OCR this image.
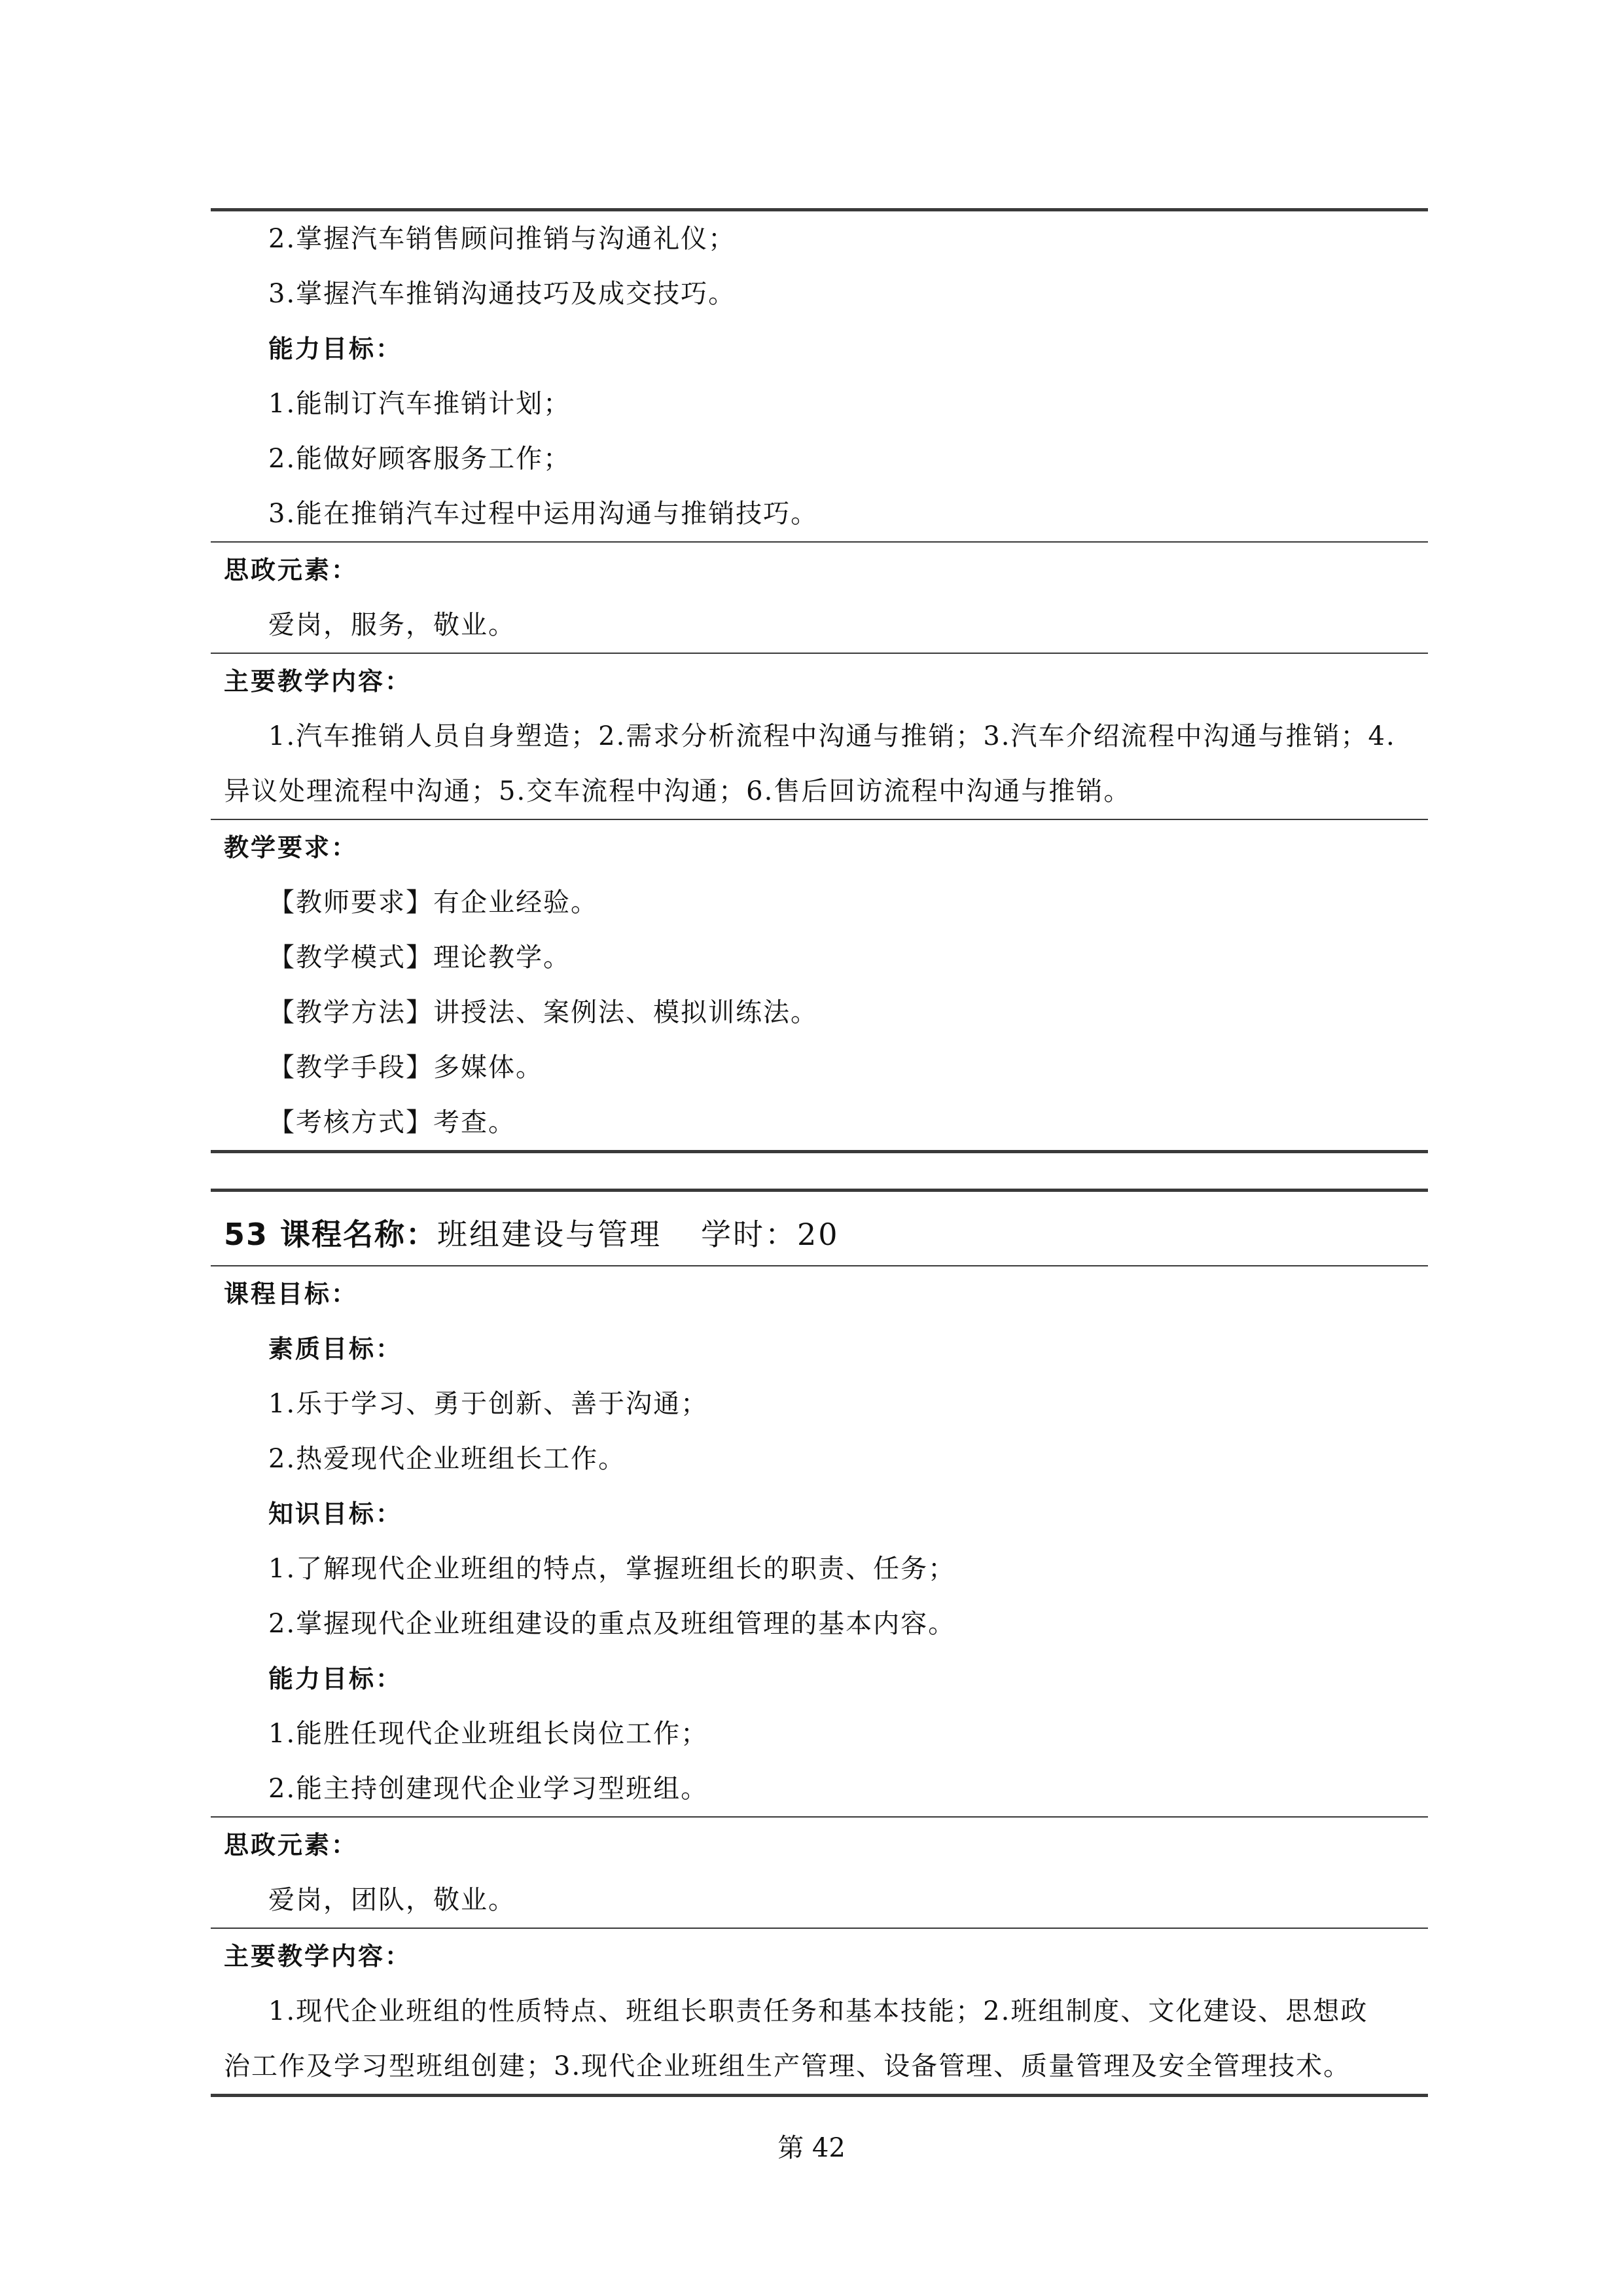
2.掌握汽车销售顾问推销与沟通礼仪；
3.掌握汽车推销沟通技巧及成交技巧。
能力目标：
1.能制订汽车推销计划；
2.能做好顾客服务工作；
3.能在推销汽车过程中运用沟通与推销技巧。
思政元素：
爱岗，服务，敬业。
主要教学内容：
1.汽车推销人员自身塑造；2.需求分析流程中沟通与推销；3.汽车介绍流程中沟通与推销；4.
异议处理流程中沟通；5.交车流程中沟通；6.售后回访流程中沟通与推销。
教学要求：
【教师要求】有企业经验。
【教学模式】理论教学。
【教学方法】讲授法、案例法、模拟训练法。
【教学手段】多媒体。
【考核方式】考查。
53 课程名称：班组建设与管理 学时：20
课程目标：
素质目标：
1.乐于学习、勇于创新、善于沟通；
2.热爱现代企业班组长工作。
知识目标：
1.了解现代企业班组的特点，掌握班组长的职责、任务；
2.掌握现代企业班组建设的重点及班组管理的基本内容。
能力目标：
1.能胜任现代企业班组长岗位工作；
2.能主持创建现代企业学习型班组。
思政元素：
爱岗，团队，敬业。
主要教学内容：
1.现代企业班组的性质特点、班组长职责任务和基本技能；2.班组制度、文化建设、思想政
治工作及学习型班组创建；3.现代企业班组生产管理、设备管理、质量管理及安全管理技术。
第 42
